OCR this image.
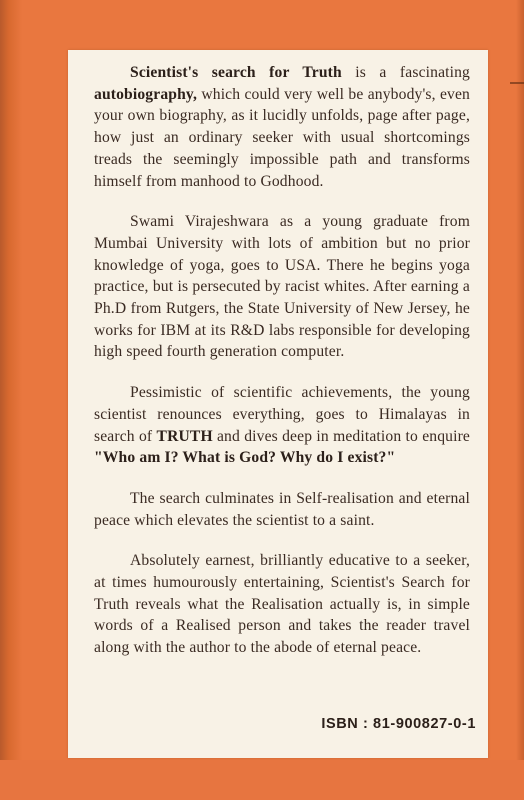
Scientist's search for Truth is a fascinating autobiography, which could very well be anybody's, even your own biography, as it lucidly unfolds, page after page, how just an ordinary seeker with usual shortcomings treads the seemingly impossible path and transforms himself from manhood to Godhood.

Swami Virajeshwara as a young graduate from Mumbai University with lots of ambition but no prior knowledge of yoga, goes to USA. There he begins yoga practice, but is persecuted by racist whites. After earning a Ph.D from Rutgers, the State University of New Jersey, he works for IBM at its R&D labs responsible for developing high speed fourth generation computer.

Pessimistic of scientific achievements, the young scientist renounces everything, goes to Himalayas in search of TRUTH and dives deep in meditation to enquire "Who am I? What is God? Why do I exist?"

The search culminates in Self-realisation and eternal peace which elevates the scientist to a saint.

Absolutely earnest, brilliantly educative to a seeker, at times humourously entertaining, Scientist's Search for Truth reveals what the Realisation actually is, in simple words of a Realised person and takes the reader travel along with the author to the abode of eternal peace.

ISBN : 81-900827-0-1
